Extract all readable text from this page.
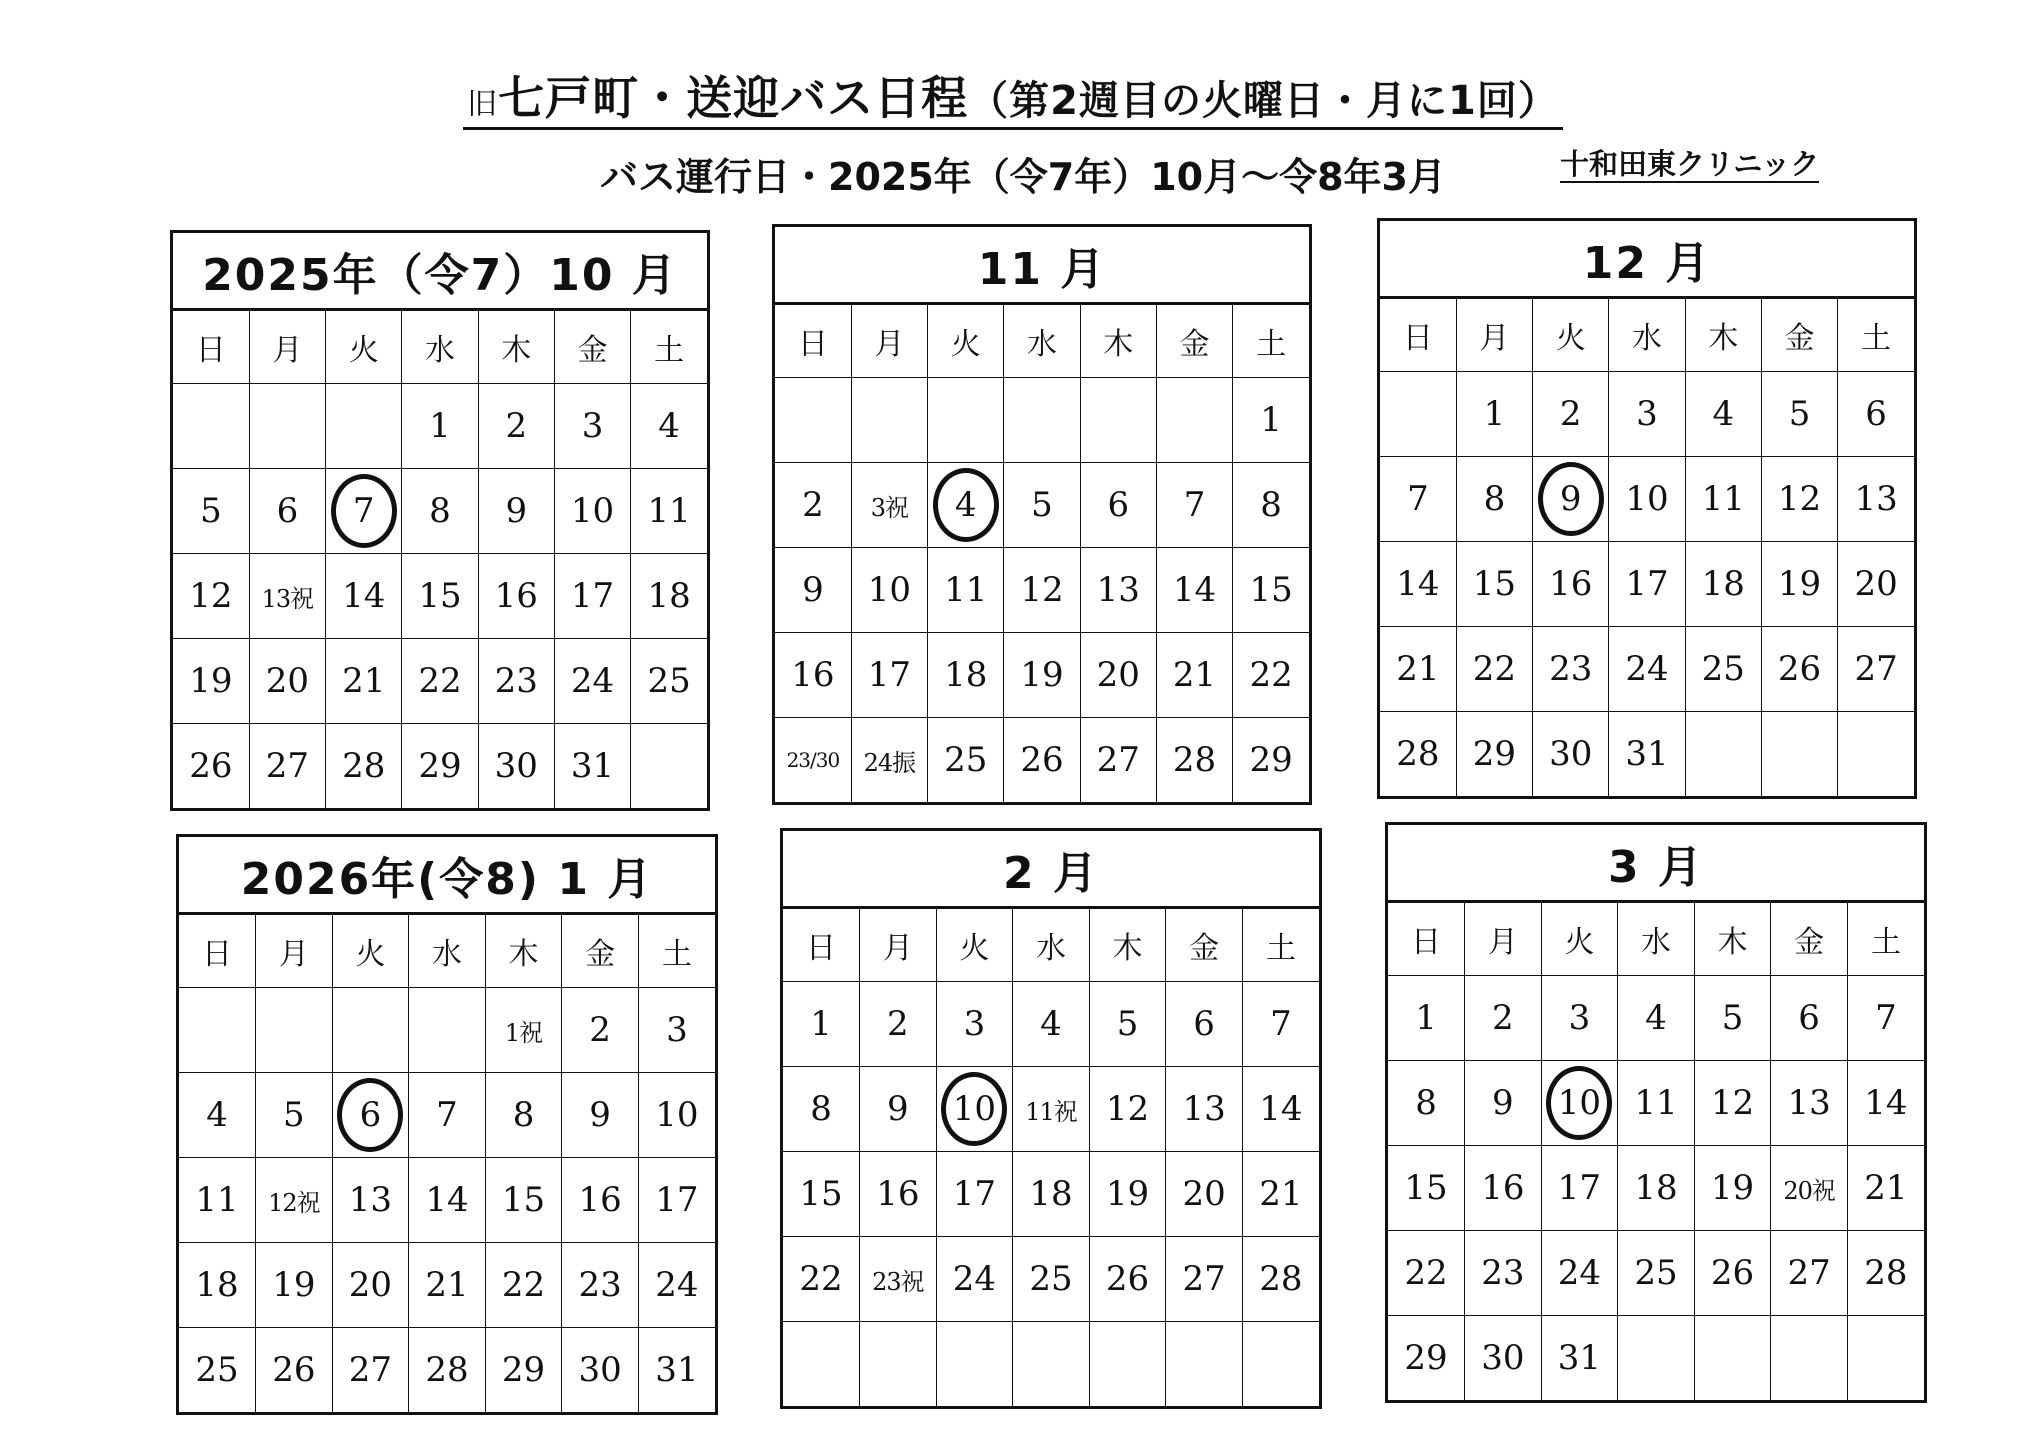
旧七戸町・送迎バス日程（第2週目の火曜日・月に1回）
バス運行日・2025年（令7年）10月～令8年3月	十和田東クリニック
2025年（令7）10 月
日	月	火	水	木	金	土
			1	2	3	4
5	6	7	8	9	10	11
12	13祝	14	15	16	17	18
19	20	21	22	23	24	25
26	27	28	29	30	31	
11 月
日	月	火	水	木	金	土
						1
2	3祝	4	5	6	7	8
9	10	11	12	13	14	15
16	17	18	19	20	21	22
23/30	24振	25	26	27	28	29
12 月
日	月	火	水	木	金	土
	1	2	3	4	5	6
7	8	9	10	11	12	13
14	15	16	17	18	19	20
21	22	23	24	25	26	27
28	29	30	31			
2026年(令8) 1 月
日	月	火	水	木	金	土
				1祝	2	3
4	5	6	7	8	9	10
11	12祝	13	14	15	16	17
18	19	20	21	22	23	24
25	26	27	28	29	30	31
2 月
日	月	火	水	木	金	土
1	2	3	4	5	6	7
8	9	10	11祝	12	13	14
15	16	17	18	19	20	21
22	23祝	24	25	26	27	28

3 月
日	月	火	水	木	金	土
1	2	3	4	5	6	7
8	9	10	11	12	13	14
15	16	17	18	19	20祝	21
22	23	24	25	26	27	28
29	30	31				
